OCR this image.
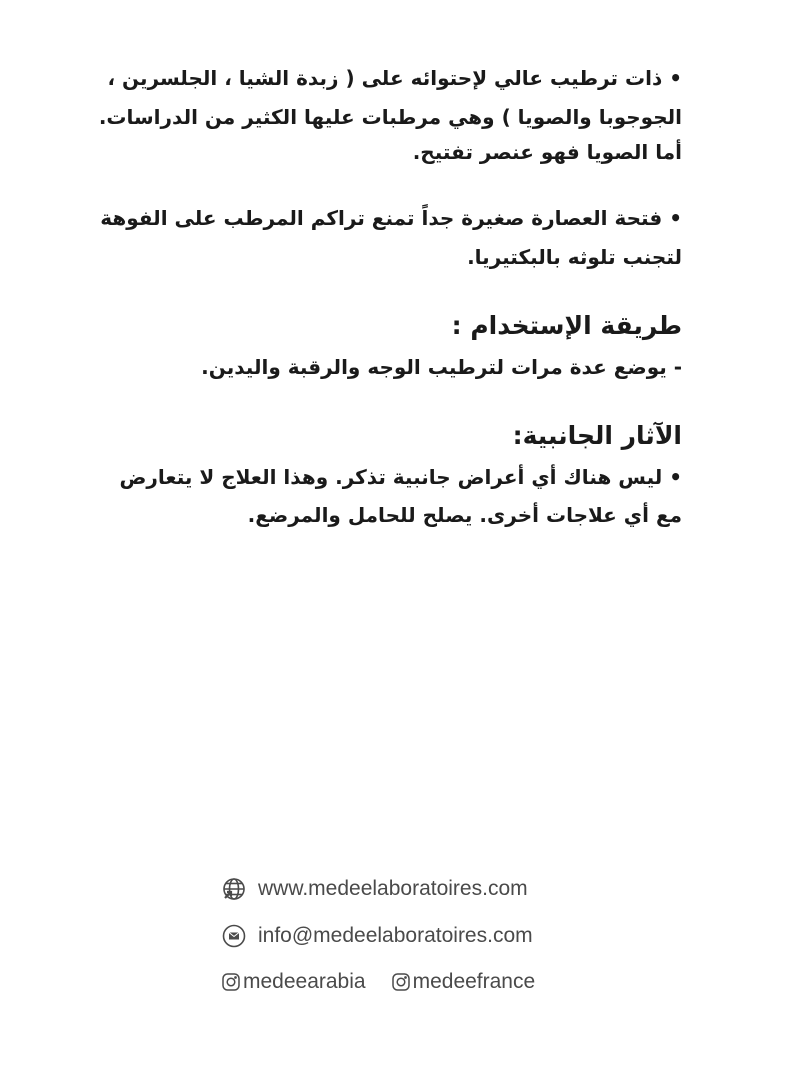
• ذات ترطيب عالي لإحتوائه على ( زبدة الشيا ، الجلسرين ،
الجوجوبا والصويا ) وهي مرطبات عليها الكثير من الدراسات.
أما الصويا فهو عنصر تفتيح.
• فتحة العصارة صغيرة جداً تمنع تراكم المرطب على الفوهة
لتجنب تلوثه بالبكتيريا.
طريقة الإستخدام :
- يوضع عدة مرات لترطيب الوجه والرقبة واليدين.
الآثار الجانبية:
• ليس هناك أي أعراض جانبية تذكر. وهذا العلاج لا يتعارض
مع أي علاجات أخرى. يصلح للحامل والمرضع.
www.medeelaboratoires.com
info@medeelaboratoires.com
medeearabia medeefrance
